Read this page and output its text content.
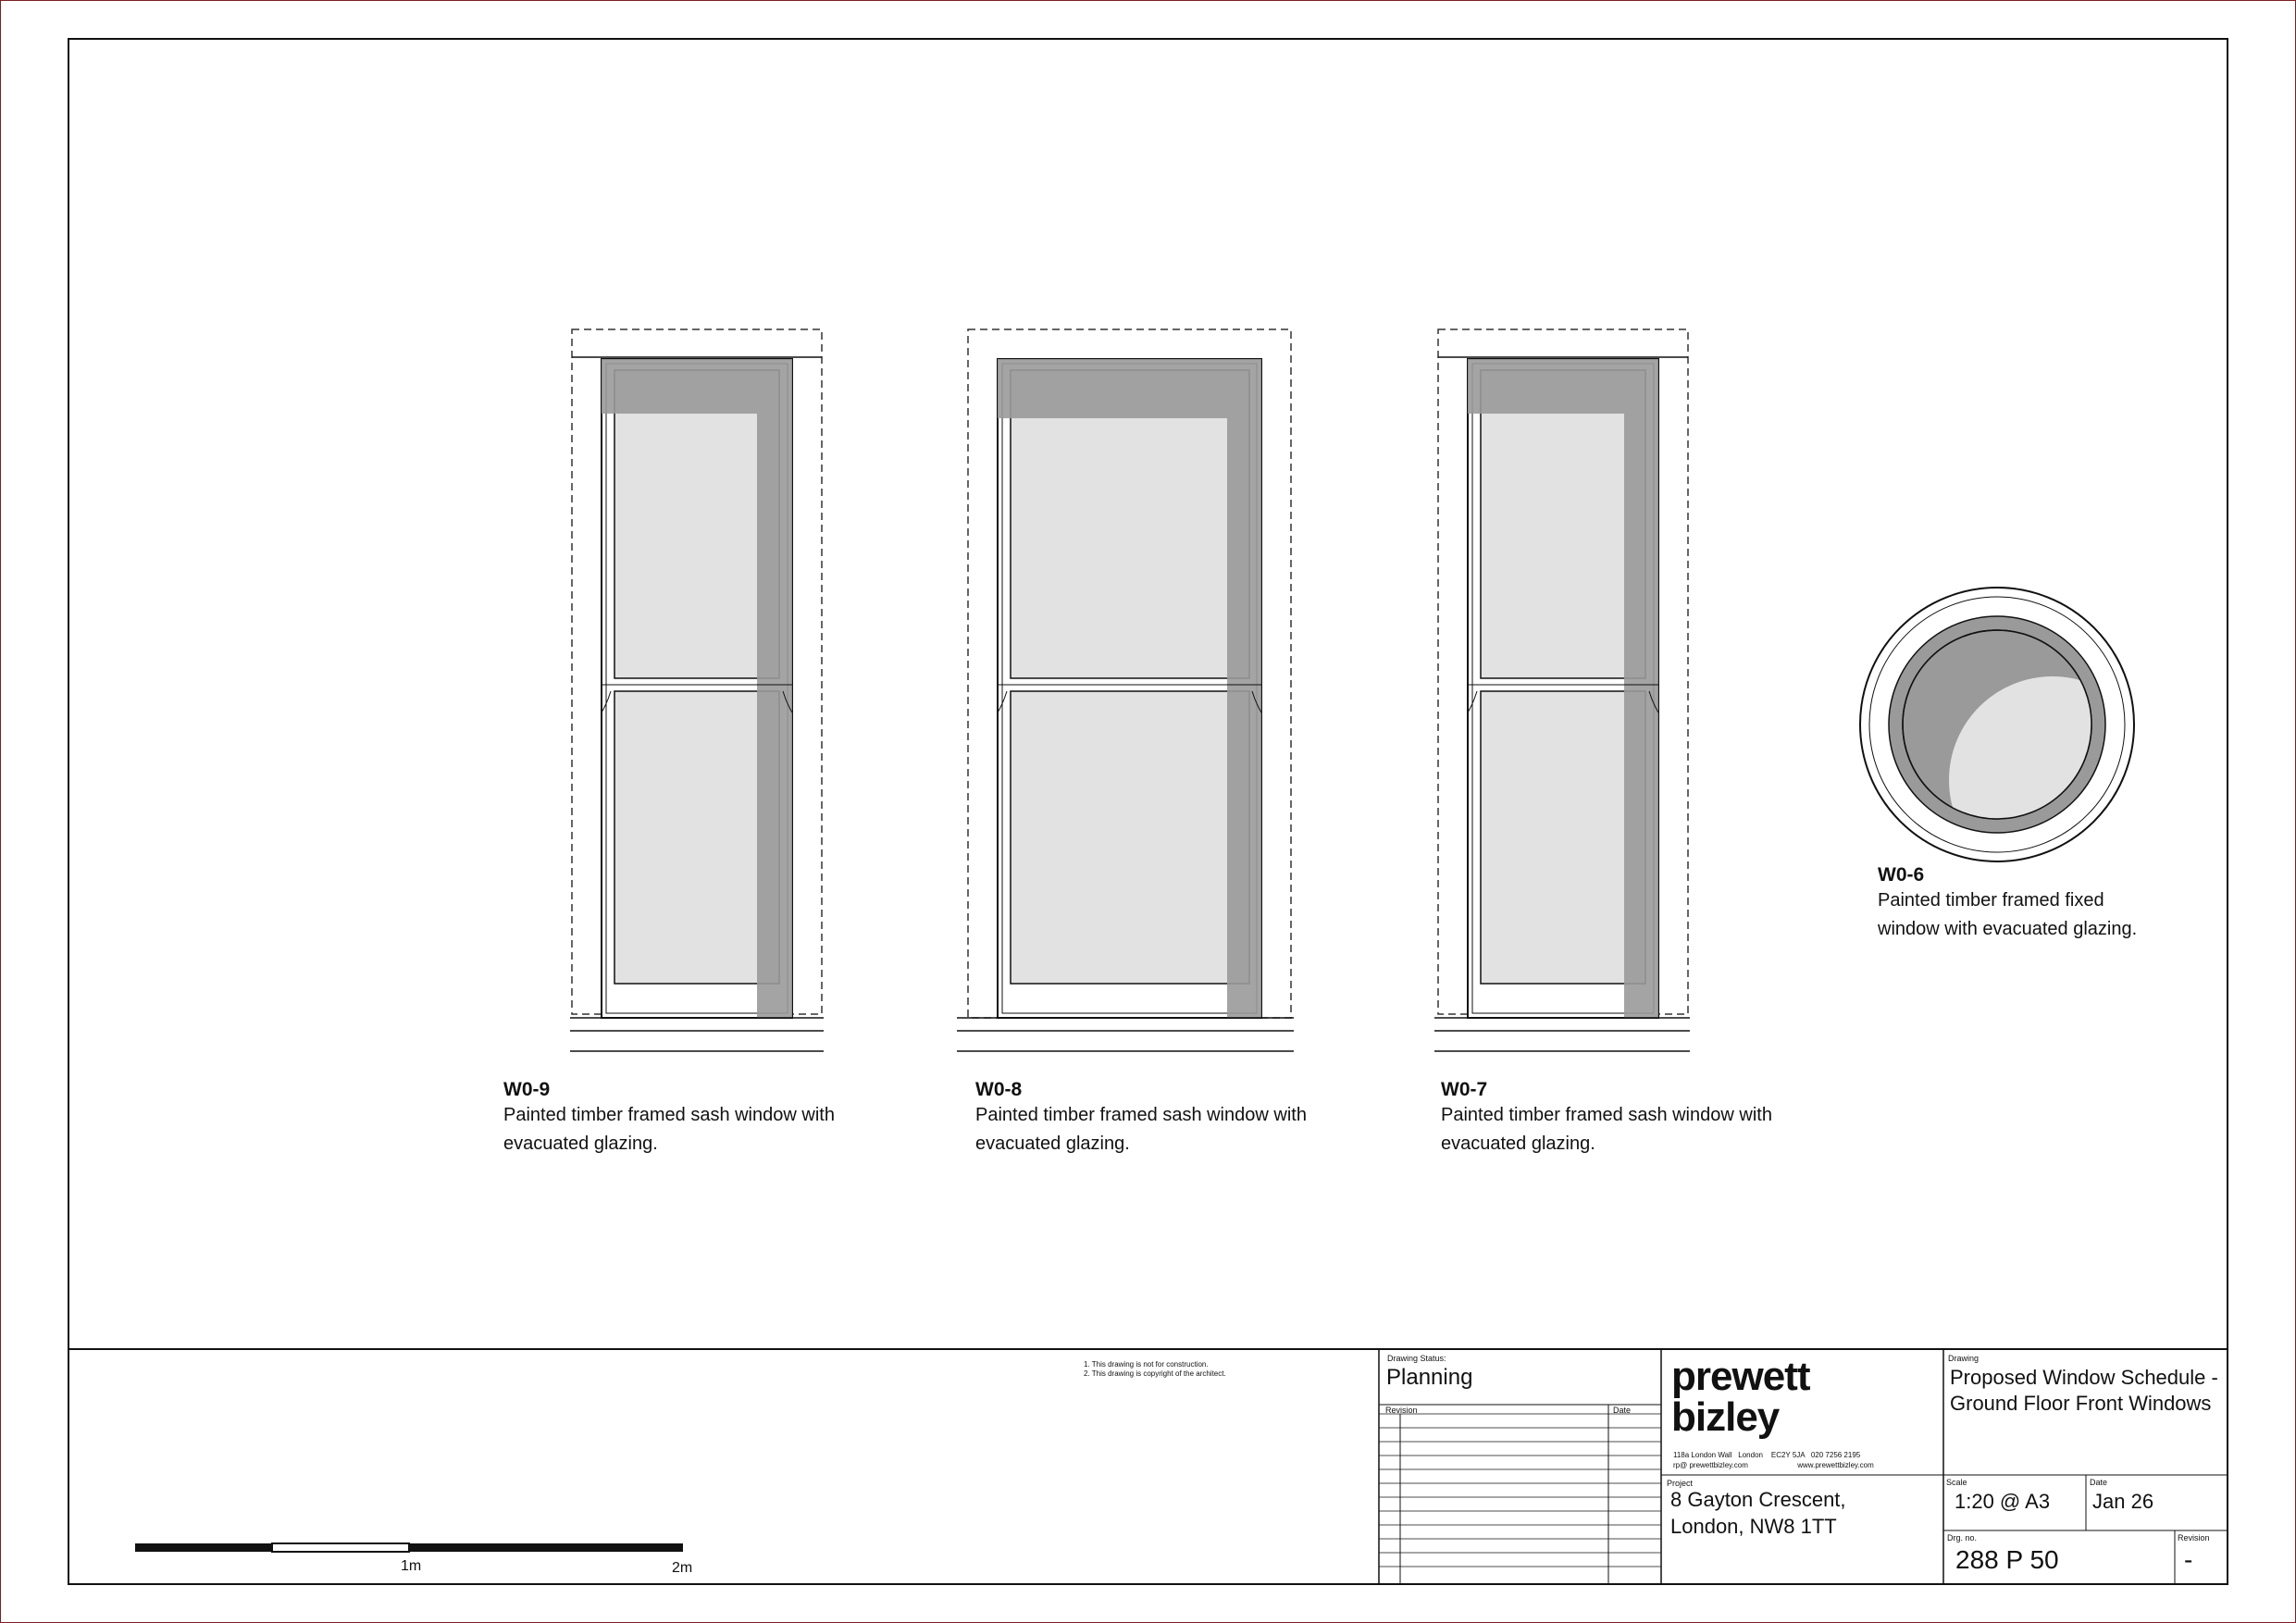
W0-9
Painted timber framed sash window with evacuated glazing.
W0-8
Painted timber framed sash window with evacuated glazing.
W0-7
Painted timber framed sash window with evacuated glazing.
W0-6
Painted timber framed fixed window with evacuated glazing.
1m	2m
1. This drawing is not for construction.
2. This drawing is copyright of the architect.
Drawing Status:
Planning
Revision	Date
prewett
bizley
118a London Wall   London    EC2Y 5JA   020 7256 2195
rp@ prewettbizley.com                        www.prewettbizley.com
Project
8 Gayton Crescent, London, NW8 1TT
Drawing
Proposed Window Schedule - Ground Floor Front Windows
Scale
1:20 @ A3
Date
Jan 26
Drg. no.
288 P 50
Revision
-
